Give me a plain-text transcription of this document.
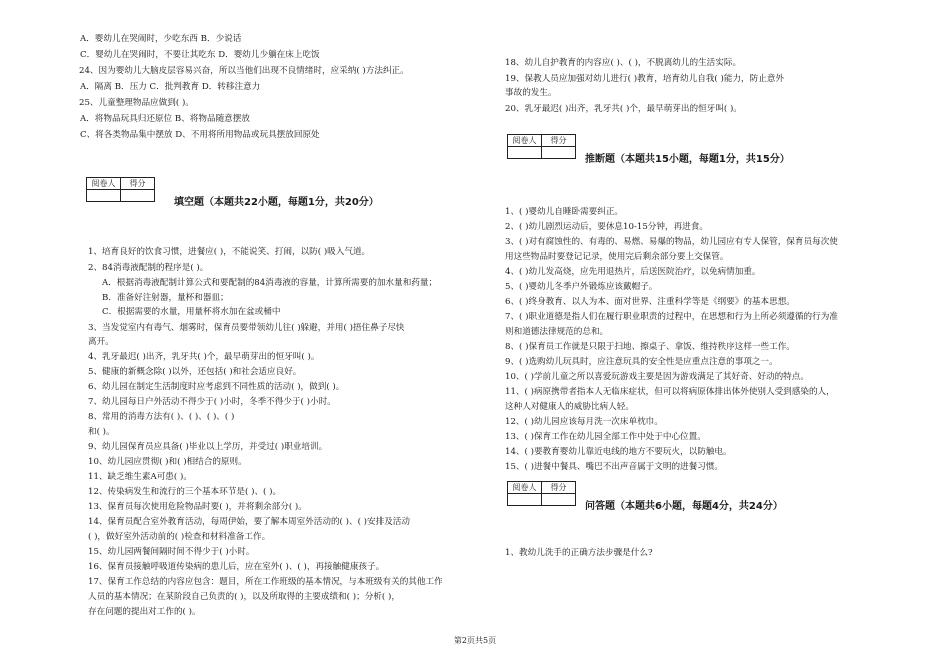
A．婴幼儿在哭闹时，少吃东西 B．少说话
C．婴幼儿在哭闹时，不要让其吃东 D．婴幼儿少躺在床上吃饭
24、因为婴幼儿大脑皮层容易兴奋，所以当他们出现不良情绪时，应采纳( )方法纠正。
A．隔离 B．压力 C．批判教育 D．转移注意力
25、儿童整理物品应做到( )。
A．将物品玩具归还原位 B、将物品随意摆放
C、将各类物品集中摆放 D、不用将所用物品或玩具摆放回原处
阅卷人	得分

填空题（本题共22小题，每题1分，共20分）
1、培育良好的饮食习惯，进餐应( )，不能说笑、打闹，以防( )吸入气道。
2、84消毒液配制的程序是( )。
A．根据消毒液配制计算公式和要配制的84消毒液的容量，计算所需要的加水量和药量；
B．准备好注射器，量杯和器皿；
C．根据需要的水量，用量杯将水加在盆或桶中
3、当发觉室内有毒气、烟雾时，保育员要带领幼儿往( )躲避，并用( )捂住鼻子尽快
离开。
4、乳牙最迟( )出齐，乳牙共( )个，最早萌芽出的恒牙叫( )。
5、健康的新概念除( )以外，还包括( )和社会适应良好。
6、幼儿园在制定生活制度时应考虑到不同性质的活动( )，做到( )。
7、幼儿园每日户外活动不得少于( )小时，冬季不得少于( )小时。
8、常用的消毒方法有( )、( )、( )、( )
和( )。
9、幼儿园保育员应具备( )毕业以上学历，并受过( )职业培训。
10、幼儿园应贯彻( )和( )相结合的原则。
11、缺乏维生素A可患( )。
12、传染病发生和流行的三个基本环节是( )、( )。
13、保育员每次使用危险物品时要( )，并将剩余部分( )。
14、保育员配合室外教育活动，每周伊始，要了解本周室外活动的( )、( )安排及活动
( )，做好室外活动前的( )检查和材料准备工作。
15、幼儿园两餐间隔时间不得少于( )小时。
16、保育员接触呼吸道传染病的患儿后，应在室外( )、( )，再接触健康孩子。
17、保育工作总结的内容应包含：题目，所在工作班级的基本情况，与本班级有关的其他工作
人员的基本情况；在某阶段自己负责的( )，以及所取得的主要成绩和( )；分析( )，
存在问题的提出对工作的( )。
18、幼儿自护教育的内容应( )、( )，不脱离幼儿的生活实际。
19、保教人员应加强对幼儿进行( )教育，培育幼儿自我( )能力，防止意外
事故的发生。
20、乳牙最迟( )出齐，乳牙共( )个，最早萌芽出的恒牙叫( )。
阅卷人	得分

推断题（本题共15小题，每题1分，共15分）
1、( )婴幼儿自睡卧需要纠正。
2、( )幼儿剧烈运动后，要休息10-15分钟，再进食。
3、( )对有腐蚀性的、有毒的、易燃、易爆的物品，幼儿园应有专人保管，保育员每次使
用这些物品时要登记记录，使用完后剩余部分要上交保管。
4、( )幼儿发高烧，应先用退热片，后送医院治疗，以免病情加重。
5、( )婴幼儿冬季户外锻炼应该戴帽子。
6、( )终身教育、以人为本、面对世界、注重科学等是《纲要》的基本思想。
7、( )职业道德是指人们在履行职业职责的过程中，在思想和行为上所必须遵循的行为准
则和道德法律规范的总和。
8、( )保育员工作就是只限于扫地、擦桌子、拿饭、维持秩序这样一些工作。
9、( )选购幼儿玩具时，应注意玩具的安全性是应重点注意的事项之一。
10、( )学前儿童之所以喜爱玩游戏主要是因为游戏满足了其好奇、好动的特点。
11、( )病原携带者指本人无临床症状，但可以将病原体排出体外使别人受到感染的人，
这种人对健康人的威胁比病人轻。
12、( )幼儿园应该每月洗一次床单枕巾。
13、( )保育工作在幼儿园全部工作中处于中心位置。
14、( )要教育婴幼儿靠近电线的地方不要玩火，以防触电。
15、( )进餐中餐具、嘴巴不出声音属于文明的进餐习惯。
阅卷人	得分

问答题（本题共6小题，每题4分，共24分）
1、教幼儿洗手的正确方法步骤是什么?
第2页共5页
